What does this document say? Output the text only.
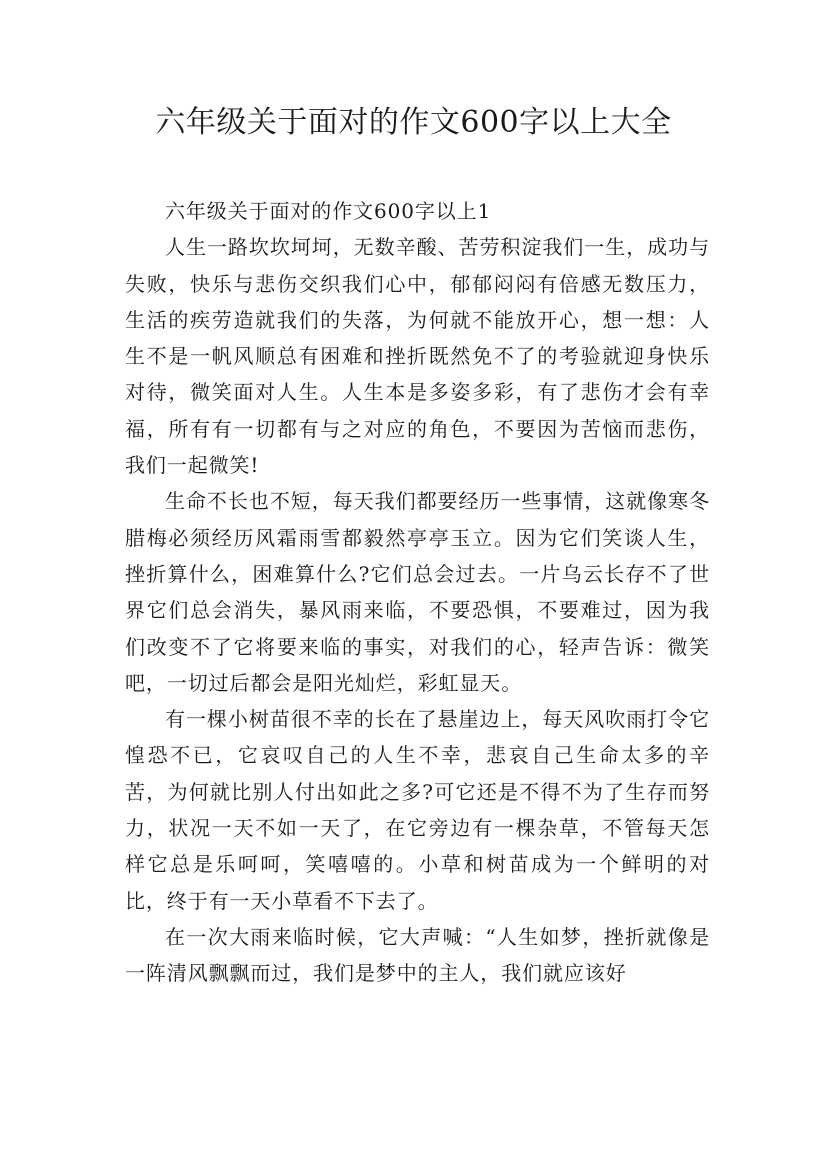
六年级关于面对的作文600字以上大全

六年级关于面对的作文600字以上1

人生一路坎坎坷坷，无数辛酸、苦劳积淀我们一生，成功与失败，快乐与悲伤交织我们心中，郁郁闷闷有倍感无数压力，生活的疾劳造就我们的失落，为何就不能放开心，想一想：人生不是一帆风顺总有困难和挫折既然免不了的考验就迎身快乐对待，微笑面对人生。人生本是多姿多彩，有了悲伤才会有幸福，所有有一切都有与之对应的角色，不要因为苦恼而悲伤，我们一起微笑!

生命不长也不短，每天我们都要经历一些事情，这就像寒冬腊梅必须经历风霜雨雪都毅然亭亭玉立。因为它们笑谈人生，挫折算什么，困难算什么?它们总会过去。一片乌云长存不了世界它们总会消失，暴风雨来临，不要恐惧，不要难过，因为我们改变不了它将要来临的事实，对我们的心，轻声告诉：微笑吧，一切过后都会是阳光灿烂，彩虹显天。

有一棵小树苗很不幸的长在了悬崖边上，每天风吹雨打令它惶恐不已，它哀叹自己的人生不幸，悲哀自己生命太多的辛苦，为何就比别人付出如此之多?可它还是不得不为了生存而努力，状况一天不如一天了，在它旁边有一棵杂草，不管每天怎样它总是乐呵呵，笑嘻嘻的。小草和树苗成为一个鲜明的对比，终于有一天小草看不下去了。

在一次大雨来临时候，它大声喊：“人生如梦，挫折就像是一阵清风飘飘而过，我们是梦中的主人，我们就应该好
